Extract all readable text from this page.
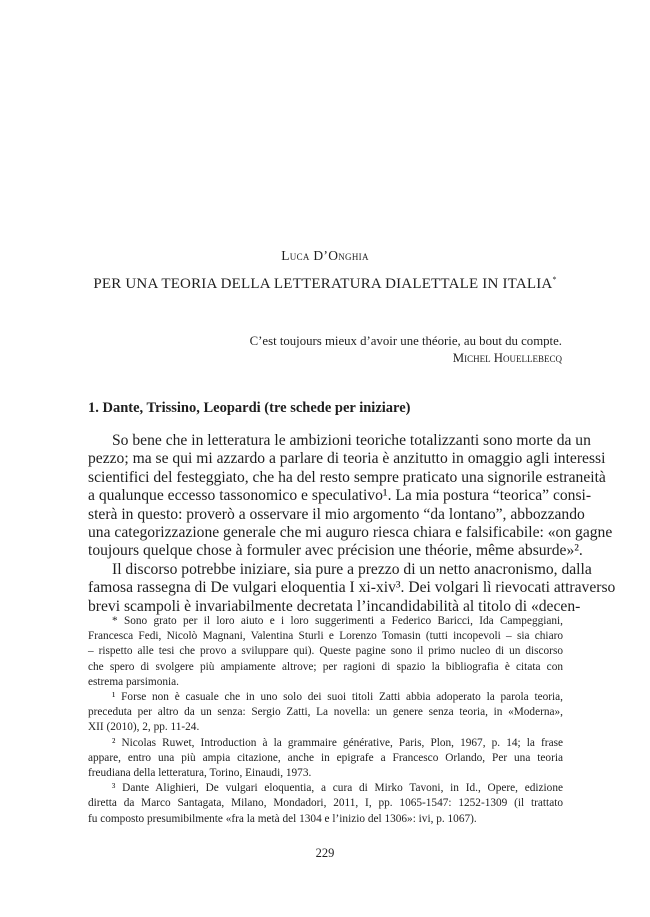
Luca D’Onghia
PER UNA TEORIA DELLA LETTERATURA DIALETTALE IN ITALIA*
C’est toujours mieux d’avoir une théorie, au bout du compte.
Michel Houellebecq
1. Dante, Trissino, Leopardi (tre schede per iniziare)
So bene che in letteratura le ambizioni teoriche totalizzanti sono morte da un
pezzo; ma se qui mi azzardo a parlare di teoria è anzitutto in omaggio agli interessi
scientifici del festeggiato, che ha del resto sempre praticato una signorile estraneità
a qualunque eccesso tassonomico e speculativo¹. La mia postura “teorica” consi-
sterà in questo: proverò a osservare il mio argomento “da lontano”, abbozzando
una categorizzazione generale che mi auguro riesca chiara e falsificabile: «on gagne
toujours quelque chose à formuler avec précision une théorie, même absurde»².
Il discorso potrebbe iniziare, sia pure a prezzo di un netto anacronismo, dalla
famosa rassegna di De vulgari eloquentia I xi-xiv³. Dei volgari lì rievocati attraverso
brevi scampoli è invariabilmente decretata l’incandidabilità al titolo di «decen-
* Sono grato per il loro aiuto e i loro suggerimenti a Federico Baricci, Ida Campeggiani,
Francesca Fedi, Nicolò Magnani, Valentina Sturli e Lorenzo Tomasin (tutti incopevoli – sia chiaro
– rispetto alle tesi che provo a sviluppare qui). Queste pagine sono il primo nucleo di un discorso
che spero di svolgere più ampiamente altrove; per ragioni di spazio la bibliografia è citata con
estrema parsimonia.
¹ Forse non è casuale che in uno solo dei suoi titoli Zatti abbia adoperato la parola teoria,
preceduta per altro da un senza: Sergio Zatti, La novella: un genere senza teoria, in «Moderna»,
XII (2010), 2, pp. 11-24.
² Nicolas Ruwet, Introduction à la grammaire générative, Paris, Plon, 1967, p. 14; la frase
appare, entro una più ampia citazione, anche in epigrafe a Francesco Orlando, Per una teoria
freudiana della letteratura, Torino, Einaudi, 1973.
³ Dante Alighieri, De vulgari eloquentia, a cura di Mirko Tavoni, in Id., Opere, edizione
diretta da Marco Santagata, Milano, Mondadori, 2011, I, pp. 1065-1547: 1252-1309 (il trattato
fu composto presumibilmente «fra la metà del 1304 e l’inizio del 1306»: ivi, p. 1067).
229
